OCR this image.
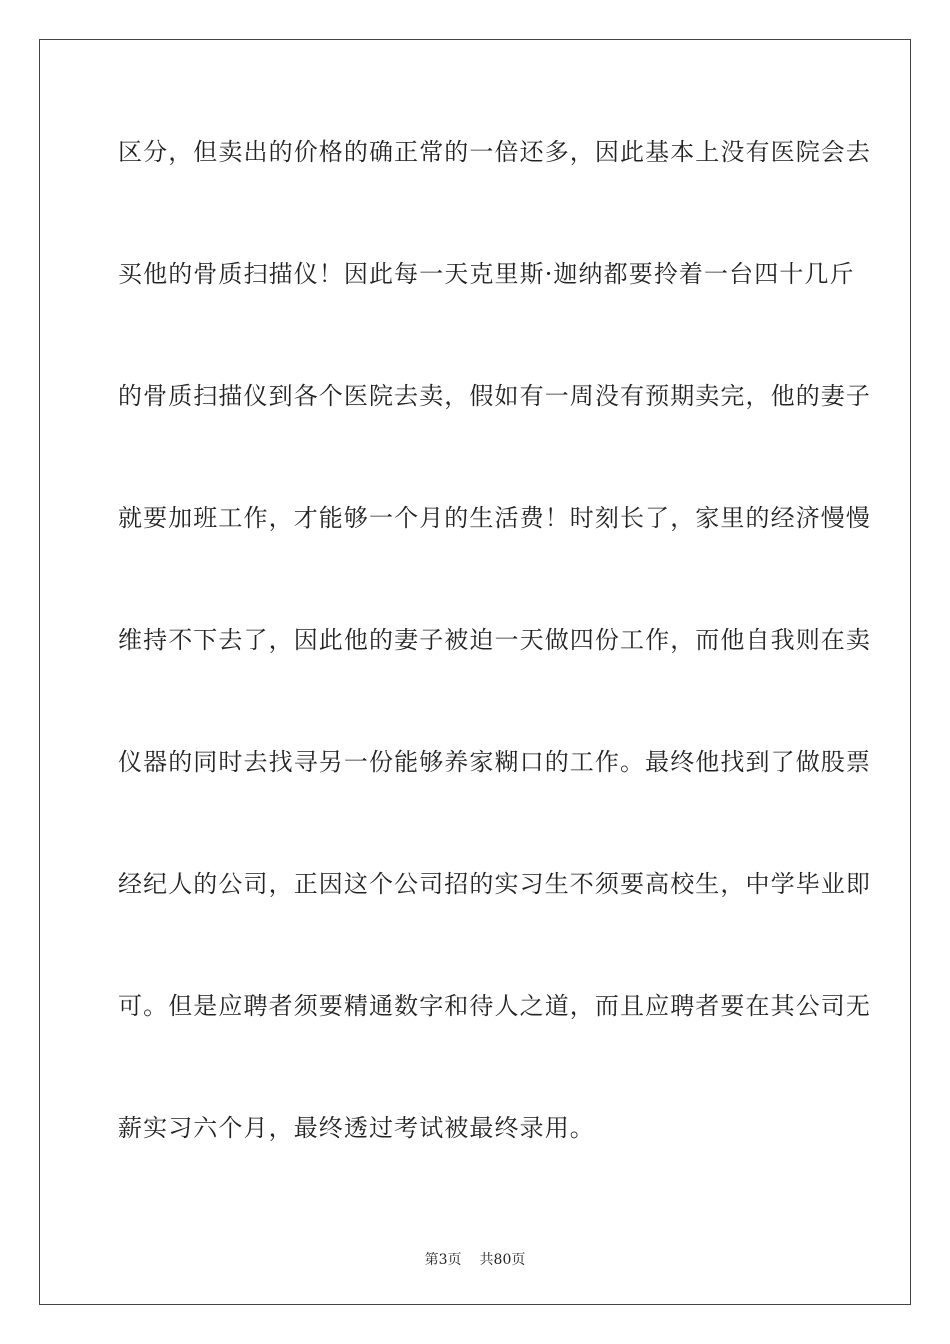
区分，但卖出的价格的确正常的一倍还多，因此基本上没有医院会去
买他的骨质扫描仪！因此每一天克里斯·迦纳都要拎着一台四十几斤
的骨质扫描仪到各个医院去卖，假如有一周没有预期卖完，他的妻子
就要加班工作，才能够一个月的生活费！时刻长了，家里的经济慢慢
维持不下去了，因此他的妻子被迫一天做四份工作，而他自我则在卖
仪器的同时去找寻另一份能够养家糊口的工作。最终他找到了做股票
经纪人的公司，正因这个公司招的实习生不须要高校生，中学毕业即
可。但是应聘者须要精通数字和待人之道，而且应聘者要在其公司无
薪实习六个月，最终透过考试被最终录用。
第3页 共80页
